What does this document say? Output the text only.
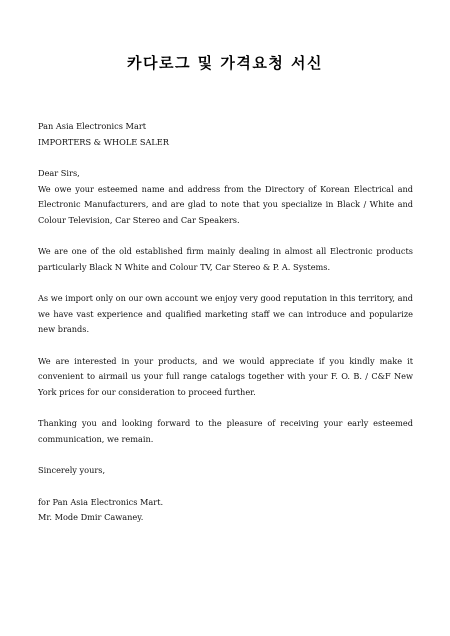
카다로그 및 가격요청 서신
Pan Asia Electronics Mart
IMPORTERS & WHOLE SALER
Dear Sirs,

We owe your esteemed name and address from the Directory of Korean Electrical and Electronic Manufacturers, and are glad to note that you specialize in Black / White and Colour Television, Car Stereo and Car Speakers.

We are one of the old established firm mainly dealing in almost all Electronic products particularly Black N White and Colour TV, Car Stereo & P. A. Systems.

As we import only on our own account we enjoy very good reputation in this territory, and we have vast experience and qualified marketing staff we can introduce and popularize new brands.

We are interested in your products, and we would appreciate if you kindly make it convenient to airmail us your full range catalogs together with your F. O. B. / C&F New York prices for our consideration to proceed further.

Thanking you and looking forward to the pleasure of receiving your early esteemed communication, we remain.

Sincerely yours,
for Pan Asia Electronics Mart.
Mr. Mode Dmir Cawaney.
